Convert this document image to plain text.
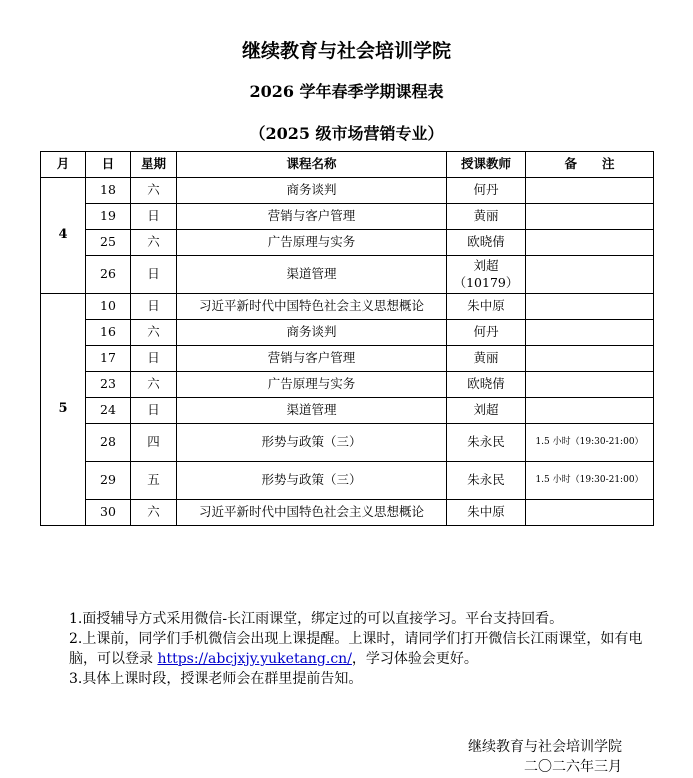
继续教育与社会培训学院
2026 学年春季学期课程表
（2025 级市场营销专业）
月	日	星期	课程名称	授课教师	备　　注
4	18	六	商务谈判	何丹	

	19	日	营销与客户管理	黄丽	

	25	六	广告原理与实务	欧晓倩	

	26	日	渠道管理	刘超
（10179）	

5	10	日	习近平新时代中国特色社会主义思想概论	朱中原	

	16	六	商务谈判	何丹	

	17	日	营销与客户管理	黄丽	

	23	六	广告原理与实务	欧晓倩	

	24	日	渠道管理	刘超	

	28	四	形势与政策（三）	朱永民	1.5 小时（19:30-21:00）
	29	五	形势与政策（三）	朱永民	1.5 小时（19:30-21:00）
	30	六	习近平新时代中国特色社会主义思想概论	朱中原	

1.面授辅导方式采用微信-长江雨课堂，绑定过的可以直接学习。平台支持回看。

2.上课前，同学们手机微信会出现上课提醒。上课时，请同学们打开微信长江雨课堂，如有电脑，可以登录 https://abcjxjy.yuketang.cn/，学习体验会更好。

3.具体上课时段，授课老师会在群里提前告知。

继续教育与社会培训学院
二〇二六年三月
